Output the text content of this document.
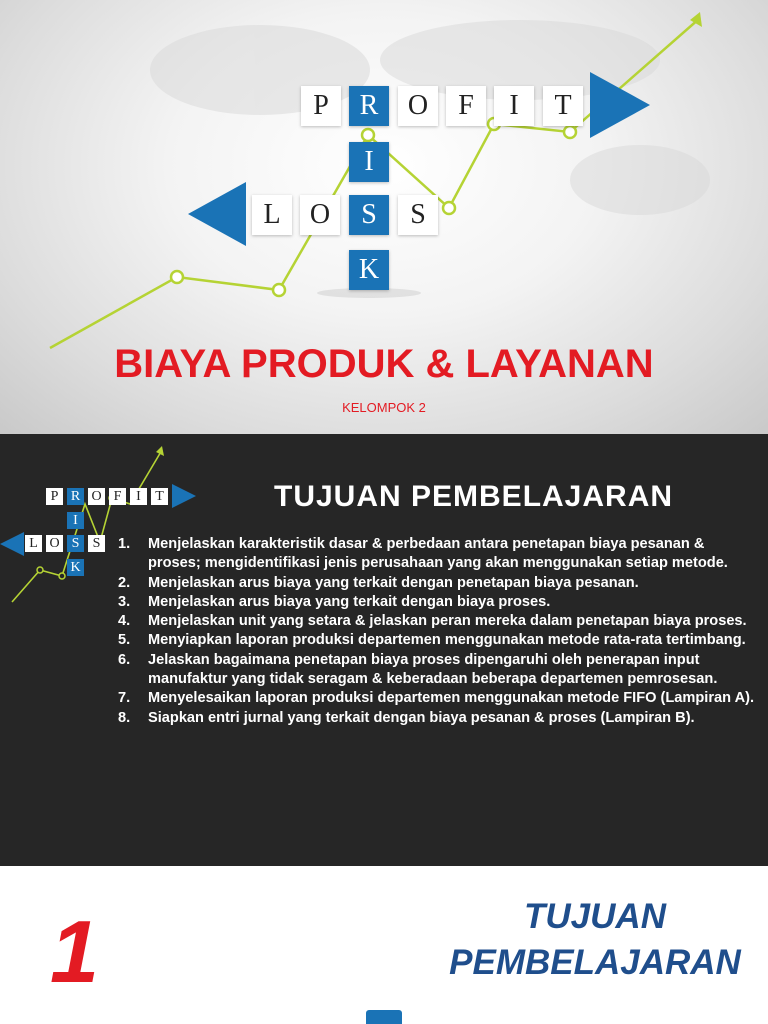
P	R	O	F	I	T
I
S
K
L	O	S
BIAYA PRODUK & LAYANAN
KELOMPOK 2
P R O F	I	T
I
S
K
L O	S
TUJUAN PEMBELAJARAN
1. Menjelaskan karakteristik dasar & perbedaan antara penetapan biaya pesanan & proses; mengidentifikasi jenis perusahaan yang akan menggunakan setiap metode.
2. Menjelaskan arus biaya yang terkait dengan penetapan biaya pesanan.
3. Menjelaskan arus biaya yang terkait dengan biaya proses.
4. Menjelaskan unit yang setara & jelaskan peran mereka dalam penetapan biaya proses.
5. Menyiapkan laporan produksi departemen menggunakan metode rata-rata tertimbang.
6. Jelaskan bagaimana penetapan biaya proses dipengaruhi oleh penerapan input manufaktur yang tidak seragam & keberadaan beberapa departemen pemrosesan.
7. Menyelesaikan laporan produksi departemen menggunakan metode FIFO (Lampiran A).
8. Siapkan entri jurnal yang terkait dengan biaya pesanan & proses (Lampiran B).
1	TUJUAN
PEMBELAJARAN
